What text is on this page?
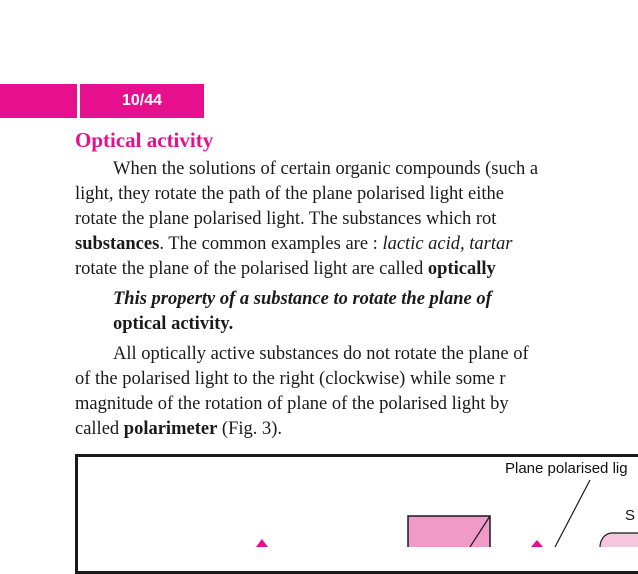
10/44
Optical activity
When the solutions of certain organic compounds (such a
light, they rotate the path of the plane polarised light eithe
rotate the plane polarised light. The substances which rot
substances. The common examples are : lactic acid, tartar
rotate the plane of the polarised light are called optically
This property of a substance to rotate the plane of
optical activity.
All optically active substances do not rotate the plane of
of the polarised light to the right (clockwise) while some r
magnitude of the rotation of plane of the polarised light by
called polarimeter (Fig. 3).
Plane polarised lig
S
